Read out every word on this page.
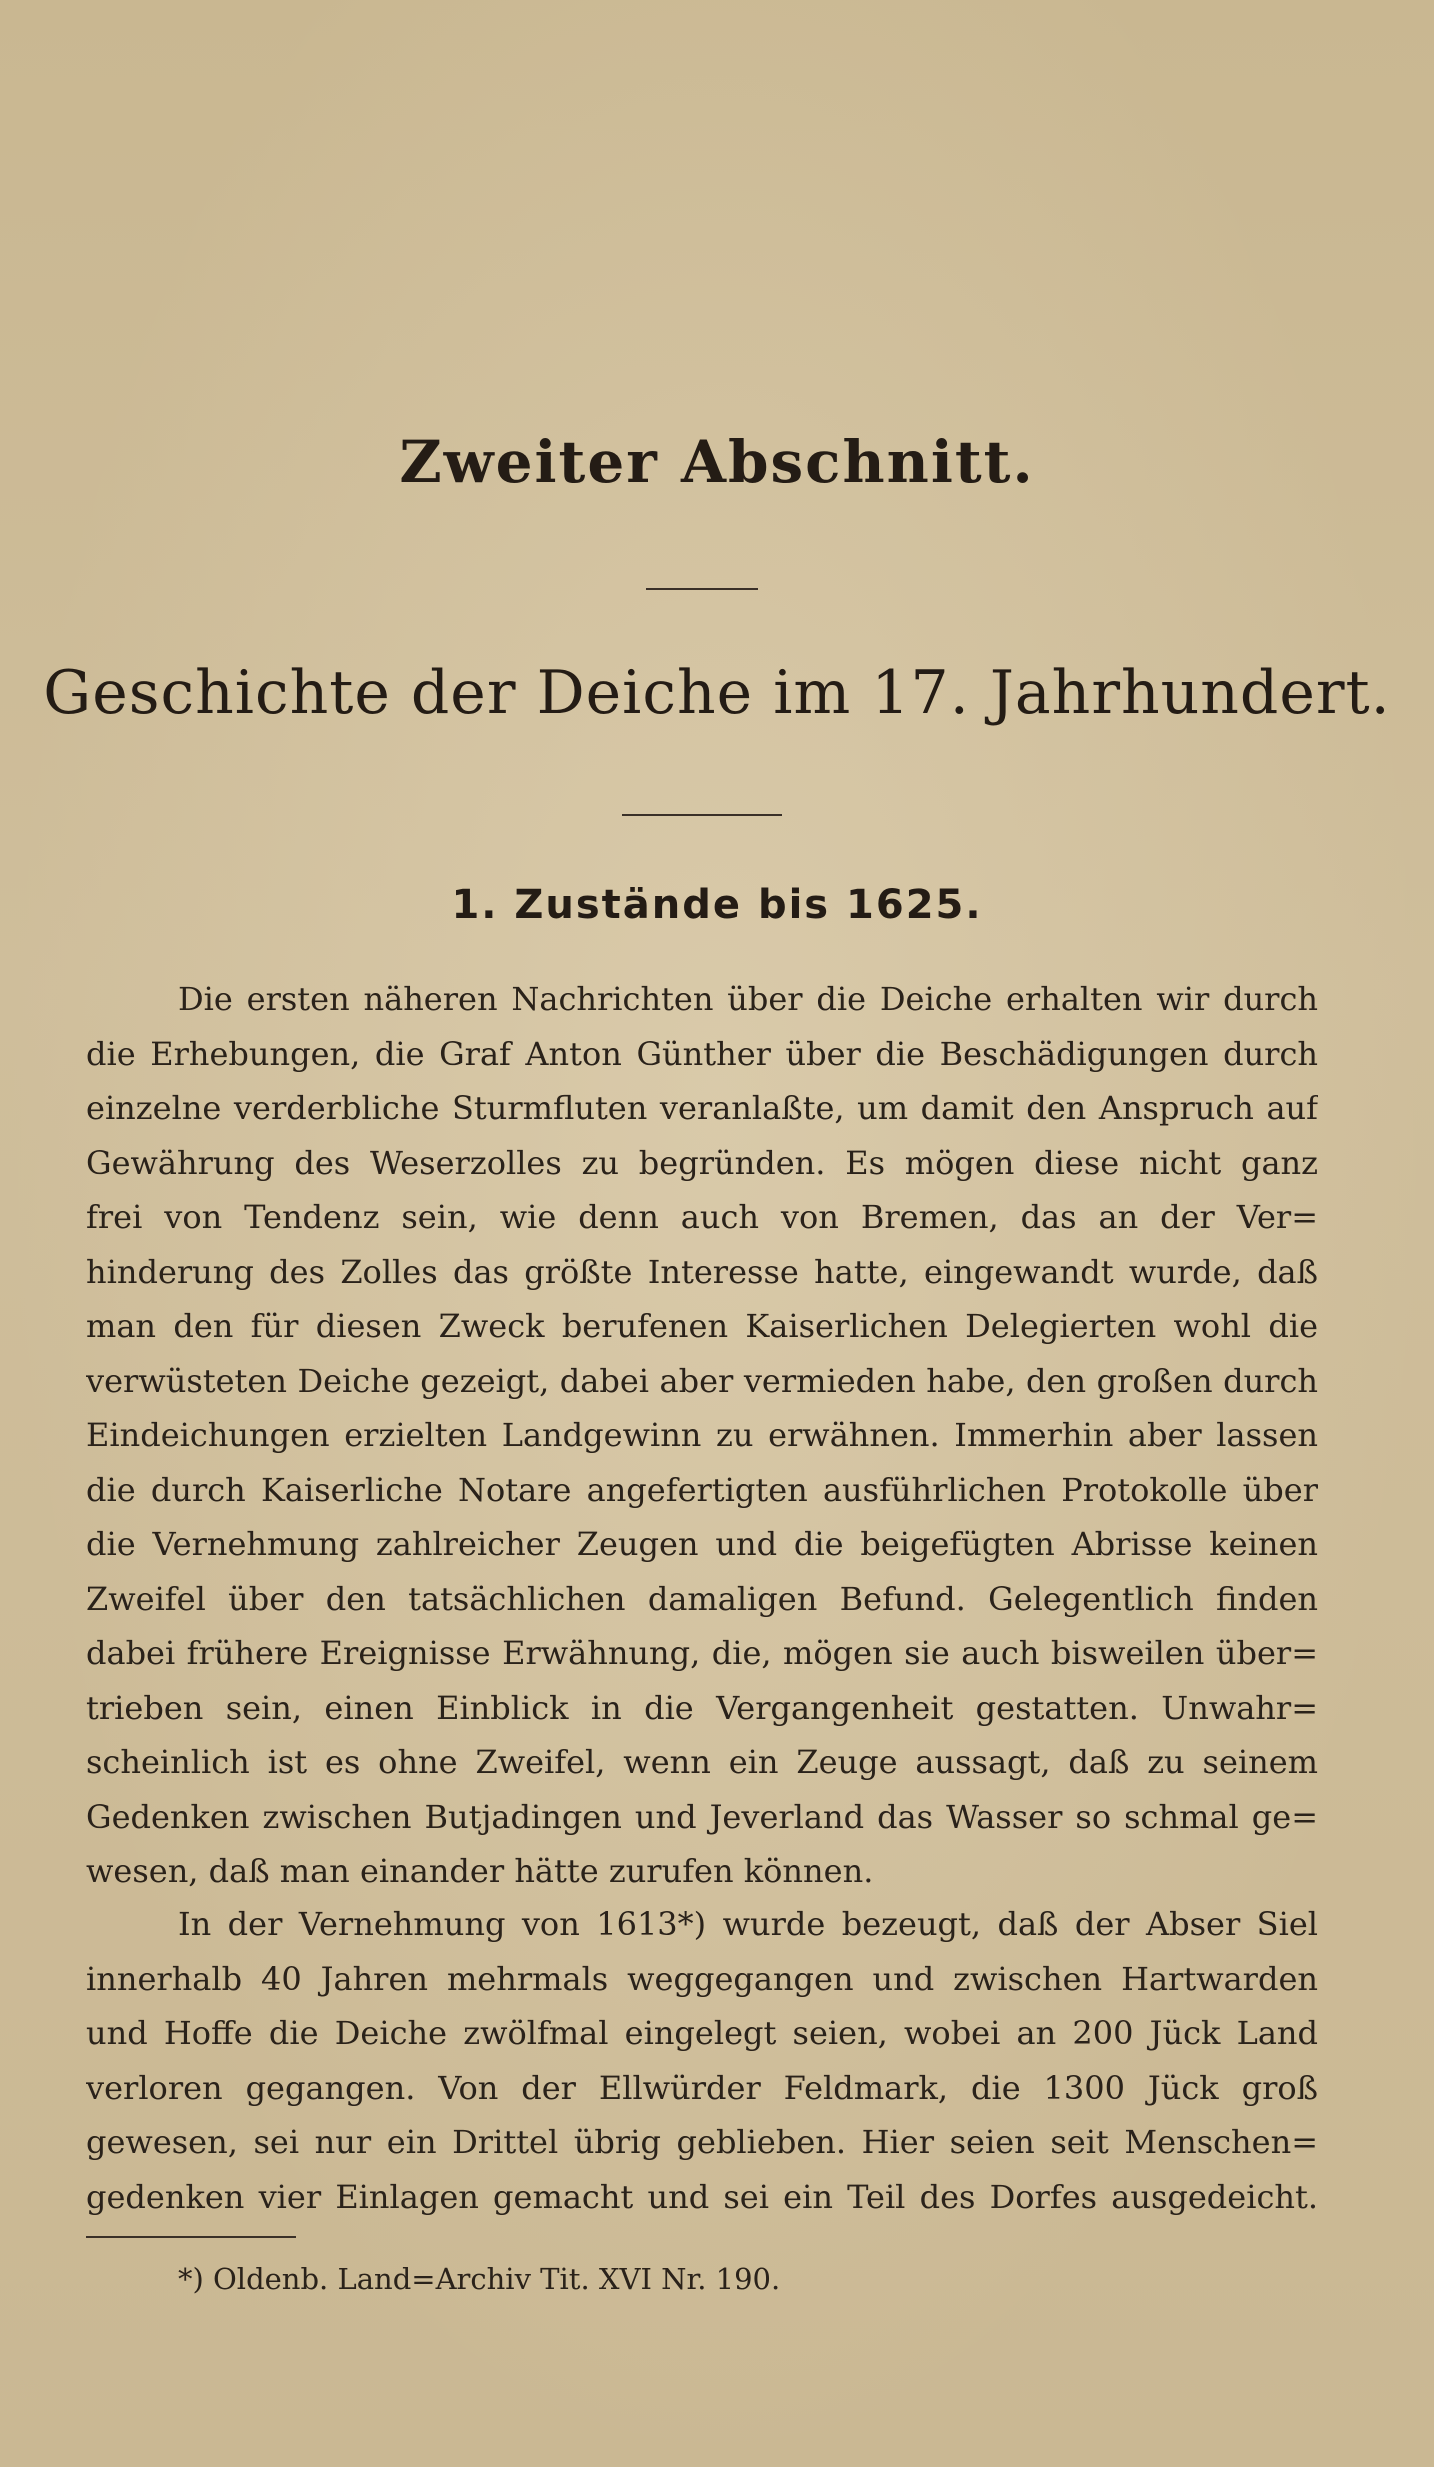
Zweiter Abschnitt.
Geschichte der Deiche im 17. Jahrhundert.
1. Zustände bis 1625.
Die ersten näheren Nachrichten über die Deiche erhalten wir durch
die Erhebungen, die Graf Anton Günther über die Beschädigungen durch
einzelne verderbliche Sturmfluten veranlaßte, um damit den Anspruch auf
Gewährung des Weserzolles zu begründen. Es mögen diese nicht ganz
frei von Tendenz sein, wie denn auch von Bremen, das an der Ver=
hinderung des Zolles das größte Interesse hatte, eingewandt wurde, daß
man den für diesen Zweck berufenen Kaiserlichen Delegierten wohl die
verwüsteten Deiche gezeigt, dabei aber vermieden habe, den großen durch
Eindeichungen erzielten Landgewinn zu erwähnen. Immerhin aber lassen
die durch Kaiserliche Notare angefertigten ausführlichen Protokolle über
die Vernehmung zahlreicher Zeugen und die beigefügten Abrisse keinen
Zweifel über den tatsächlichen damaligen Befund. Gelegentlich finden
dabei frühere Ereignisse Erwähnung, die, mögen sie auch bisweilen über=
trieben sein, einen Einblick in die Vergangenheit gestatten. Unwahr=
scheinlich ist es ohne Zweifel, wenn ein Zeuge aussagt, daß zu seinem
Gedenken zwischen Butjadingen und Jeverland das Wasser so schmal ge=
wesen, daß man einander hätte zurufen können.
In der Vernehmung von 1613*) wurde bezeugt, daß der Abser Siel
innerhalb 40 Jahren mehrmals weggegangen und zwischen Hartwarden
und Hoffe die Deiche zwölfmal eingelegt seien, wobei an 200 Jück Land
verloren gegangen. Von der Ellwürder Feldmark, die 1300 Jück groß
gewesen, sei nur ein Drittel übrig geblieben. Hier seien seit Menschen=
gedenken vier Einlagen gemacht und sei ein Teil des Dorfes ausgedeicht.
*) Oldenb. Land=Archiv Tit. XVI Nr. 190.
